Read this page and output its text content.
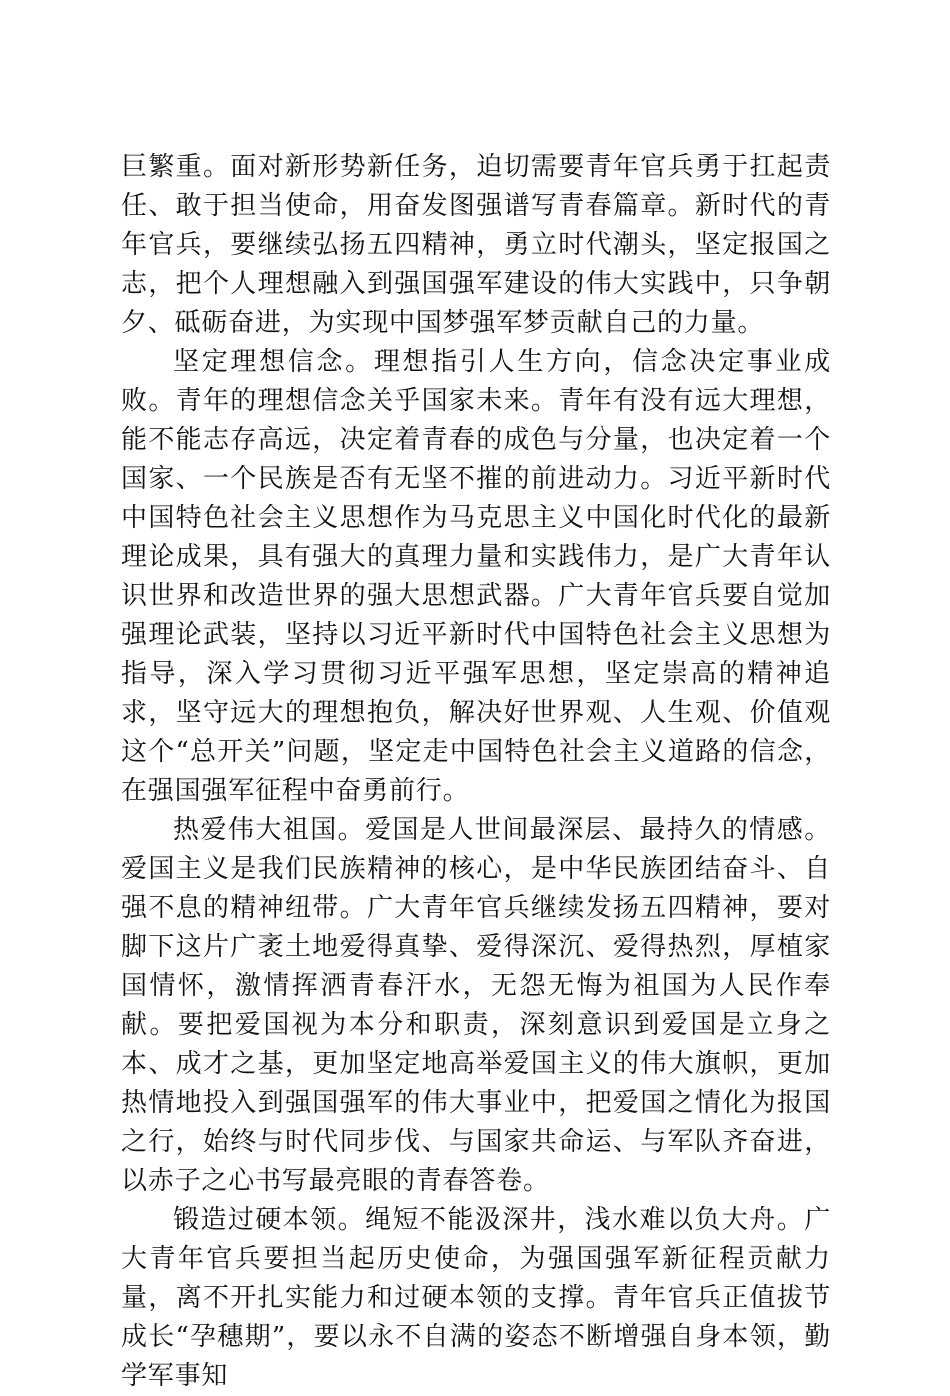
巨繁重。面对新形势新任务，迫切需要青年官兵勇于扛起责任、敢于担当使命，用奋发图强谱写青春篇章。新时代的青年官兵，要继续弘扬五四精神，勇立时代潮头，坚定报国之志，把个人理想融入到强国强军建设的伟大实践中，只争朝夕、砥砺奋进，为实现中国梦强军梦贡献自己的力量。

坚定理想信念。理想指引人生方向，信念决定事业成败。青年的理想信念关乎国家未来。青年有没有远大理想，能不能志存高远，决定着青春的成色与分量，也决定着一个国家、一个民族是否有无坚不摧的前进动力。习近平新时代中国特色社会主义思想作为马克思主义中国化时代化的最新理论成果，具有强大的真理力量和实践伟力，是广大青年认识世界和改造世界的强大思想武器。广大青年官兵要自觉加强理论武装，坚持以习近平新时代中国特色社会主义思想为指导，深入学习贯彻习近平强军思想，坚定崇高的精神追求，坚守远大的理想抱负，解决好世界观、人生观、价值观这个“总开关”问题，坚定走中国特色社会主义道路的信念，在强国强军征程中奋勇前行。

热爱伟大祖国。爱国是人世间最深层、最持久的情感。爱国主义是我们民族精神的核心，是中华民族团结奋斗、自强不息的精神纽带。广大青年官兵继续发扬五四精神，要对脚下这片广袤土地爱得真挚、爱得深沉、爱得热烈，厚植家国情怀，激情挥洒青春汗水，无怨无悔为祖国为人民作奉献。要把爱国视为本分和职责，深刻意识到爱国是立身之本、成才之基，更加坚定地高举爱国主义的伟大旗帜，更加热情地投入到强国强军的伟大事业中，把爱国之情化为报国之行，始终与时代同步伐、与国家共命运、与军队齐奋进，以赤子之心书写最亮眼的青春答卷。

锻造过硬本领。绳短不能汲深井，浅水难以负大舟。广大青年官兵要担当起历史使命，为强国强军新征程贡献力量，离不开扎实能力和过硬本领的支撑。青年官兵正值拔节成长“孕穗期”，要以永不自满的姿态不断增强自身本领，勤学军事知
